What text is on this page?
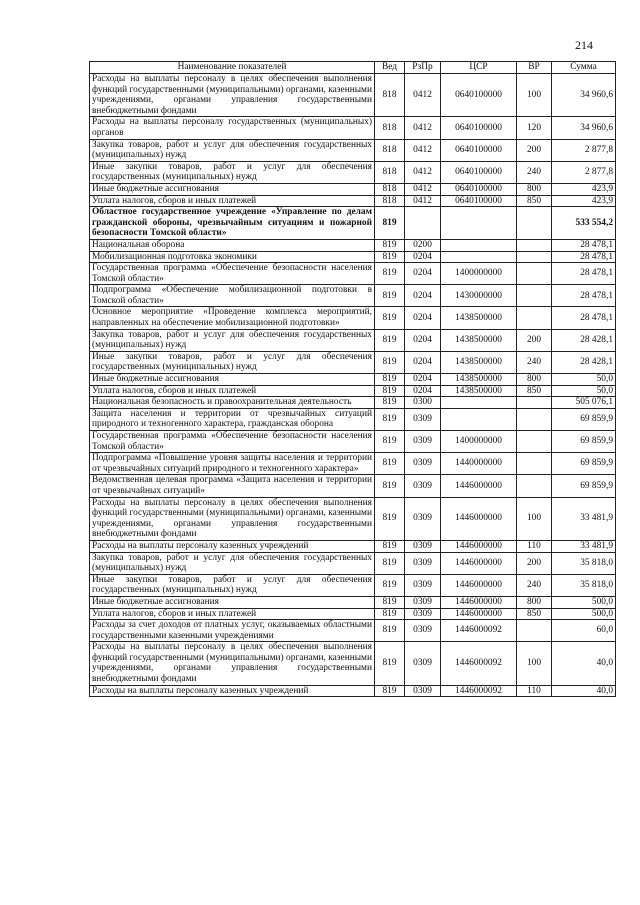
214
Наименование показателей	Вед	РзПр	ЦСР	ВР	Сумма
Расходы на выплаты персоналу в целях обеспечения выполнения функций государственными (муниципальными) органами, казенными учреждениями, органами управления государственными внебюджетными фондами	818	0412	0640100000	100	34 960,6
Расходы на выплаты персоналу государственных (муниципальных) органов	818	0412	0640100000	120	34 960,6
Закупка товаров, работ и услуг для обеспечения государственных (муниципальных) нужд	818	0412	0640100000	200	2 877,8
Иные закупки товаров, работ и услуг для обеспечения государственных (муниципальных) нужд	818	0412	0640100000	240	2 877,8
Иные бюджетные ассигнования	818	0412	0640100000	800	423,9
Уплата налогов, сборов и иных платежей	818	0412	0640100000	850	423,9
Областное государственное учреждение «Управление по делам гражданской обороны, чрезвычайным ситуациям и пожарной безопасности Томской области»	819				533 554,2
Национальная оборона	819	0200			28 478,1
Мобилизационная подготовка экономики	819	0204			28 478,1
Государственная программа «Обеспечение безопасности населения Томской области»	819	0204	1400000000		28 478,1
Подпрограмма «Обеспечение мобилизационной подготовки в Томской области»	819	0204	1430000000		28 478,1
Основное мероприятие «Проведение комплекса мероприятий, направленных на обеспечение мобилизационной подготовки»	819	0204	1438500000		28 478,1
Закупка товаров, работ и услуг для обеспечения государственных (муниципальных) нужд	819	0204	1438500000	200	28 428,1
Иные закупки товаров, работ и услуг для обеспечения государственных (муниципальных) нужд	819	0204	1438500000	240	28 428,1
Иные бюджетные ассигнования	819	0204	1438500000	800	50,0
Уплата налогов, сборов и иных платежей	819	0204	1438500000	850	50,0
Национальная безопасность и правоохранительная деятельность	819	0300			505 076,1
Защита населения и территории от чрезвычайных ситуаций природного и техногенного характера, гражданская оборона	819	0309			69 859,9
Государственная программа «Обеспечение безопасности населения Томской области»	819	0309	1400000000		69 859,9
Подпрограмма «Повышение уровня защиты населения и территории от чрезвычайных ситуаций природного и техногенного характера»	819	0309	1440000000		69 859,9
Ведомственная целевая программа «Защита населения и территории от чрезвычайных ситуаций»	819	0309	1446000000		69 859,9
Расходы на выплаты персоналу в целях обеспечения выполнения функций государственными (муниципальными) органами, казенными учреждениями, органами управления государственными внебюджетными фондами	819	0309	1446000000	100	33 481,9
Расходы на выплаты персоналу казенных учреждений	819	0309	1446000000	110	33 481,9
Закупка товаров, работ и услуг для обеспечения государственных (муниципальных) нужд	819	0309	1446000000	200	35 818,0
Иные закупки товаров, работ и услуг для обеспечения государственных (муниципальных) нужд	819	0309	1446000000	240	35 818,0
Иные бюджетные ассигнования	819	0309	1446000000	800	500,0
Уплата налогов, сборов и иных платежей	819	0309	1446000000	850	500,0
Расходы за счет доходов от платных услуг, оказываемых областными государственными казенными учреждениями	819	0309	1446000092		60,0
Расходы на выплаты персоналу в целях обеспечения выполнения функций государственными (муниципальными) органами, казенными учреждениями, органами управления государственными внебюджетными фондами	819	0309	1446000092	100	40,0
Расходы на выплаты персоналу казенных учреждений	819	0309	1446000092	110	40,0
